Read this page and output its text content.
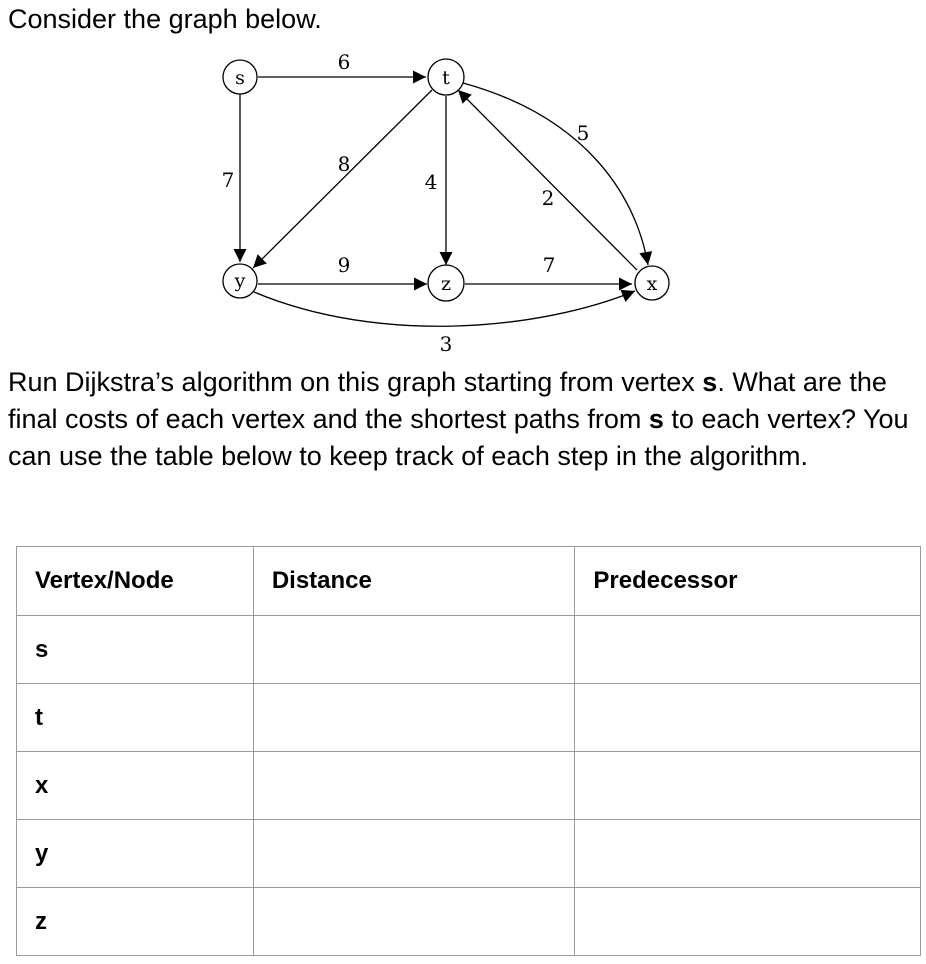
Consider the graph below.
6
7
8
4
2
5
9	7
3
s	t
y	z	x
Run Dijkstra’s algorithm on this graph starting from vertex s. What are the final costs of each vertex and the shortest paths from s to each vertex? You can use the table below to keep track of each step in the algorithm.
Vertex/Node	Distance	Predecessor
s		
t		
x		
y		
z		
